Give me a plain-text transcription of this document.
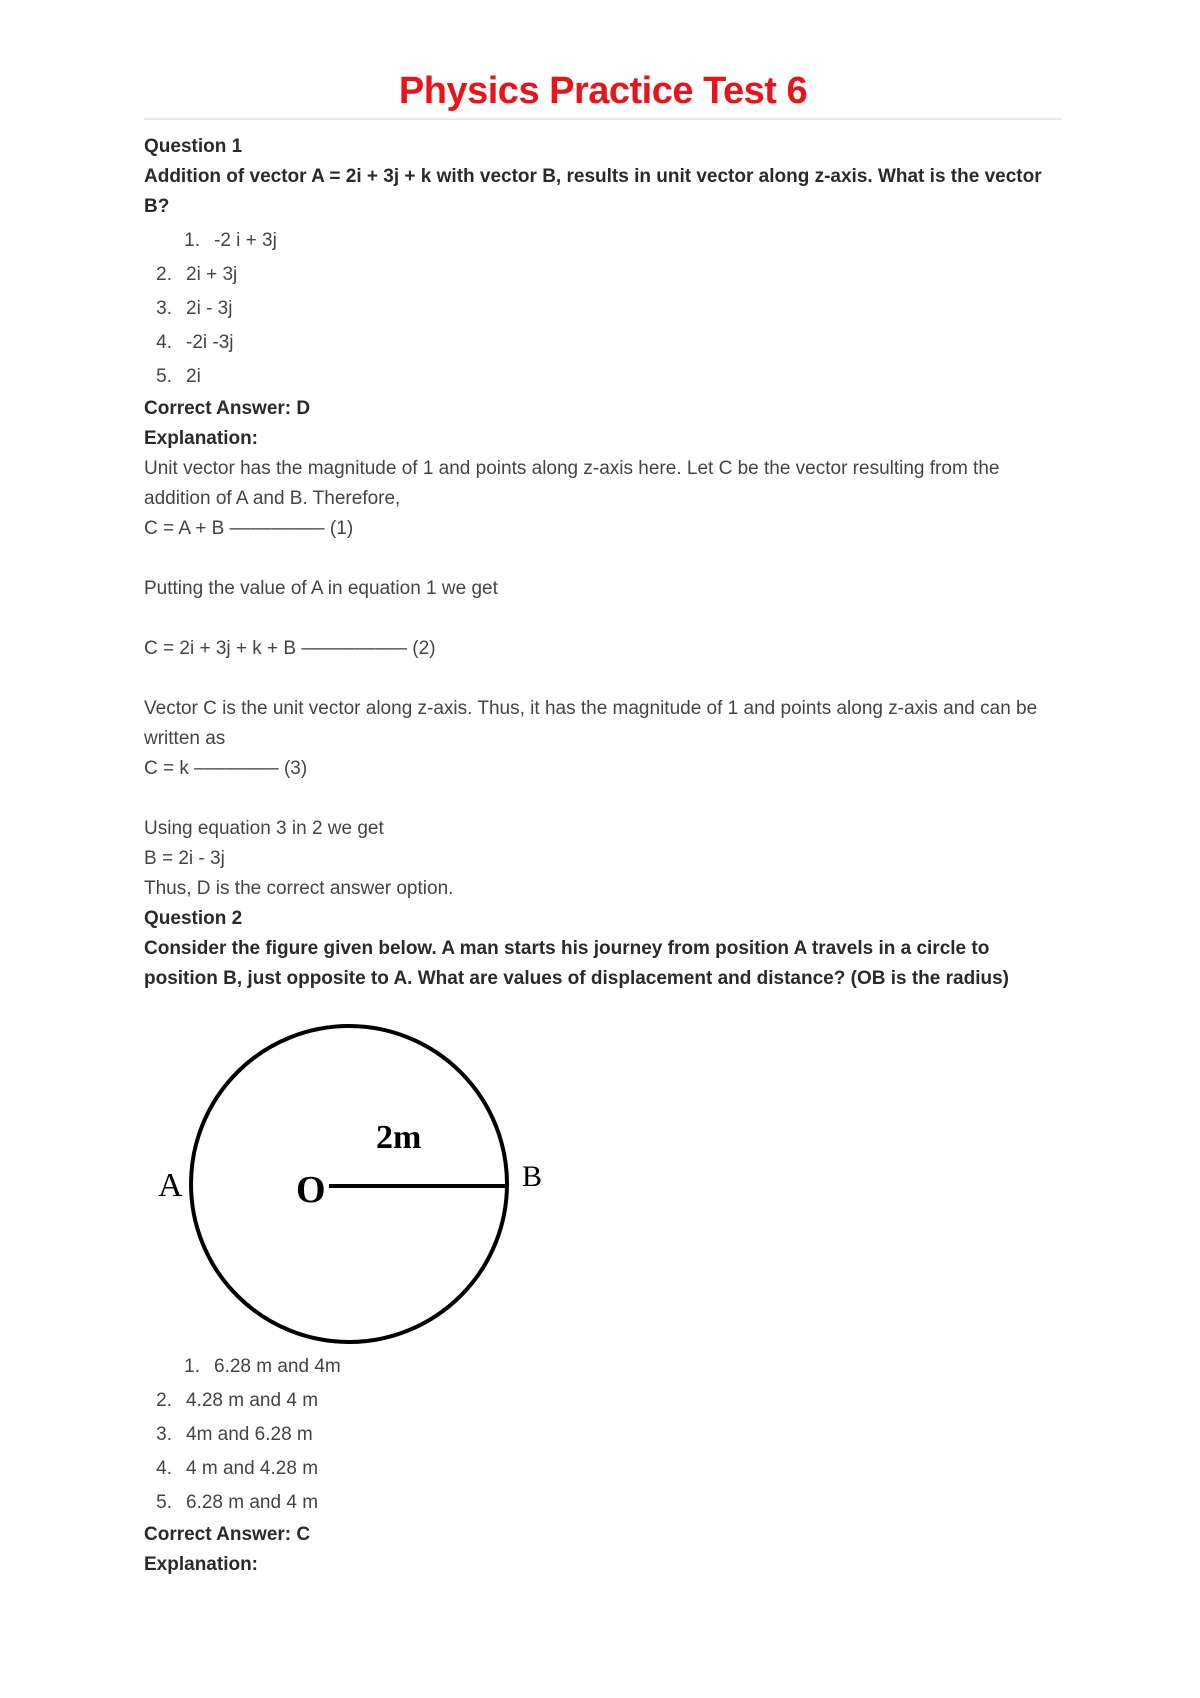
Physics Practice Test 6
Question 1
Addition of vector A = 2i + 3j + k with vector B, results in unit vector along z-axis. What is the vector B?
1. -2 i + 3j
2. 2i + 3j
3. 2i - 3j
4. -2i -3j
5. 2i
Correct Answer: D
Explanation:
Unit vector has the magnitude of 1 and points along z-axis here. Let C be the vector resulting from the addition of A and B. Therefore,
C = A + B ––––––––– (1)
Putting the value of A in equation 1 we get
C = 2i + 3j + k + B –––––––––– (2)
Vector C is the unit vector along z-axis. Thus, it has the magnitude of 1 and points along z-axis and can be written as
C = k –––––––– (3)
Using equation 3 in 2 we get
B = 2i - 3j
Thus, D is the correct answer option.
Question 2
Consider the figure given below. A man starts his journey from position A travels in a circle to position B, just opposite to A. What are values of displacement and distance? (OB is the radius)
A	O
2m
B
1. 6.28 m and 4m
2. 4.28 m and 4 m
3. 4m and 6.28 m
4. 4 m and 4.28 m
5. 6.28 m and 4 m
Correct Answer: C
Explanation:
